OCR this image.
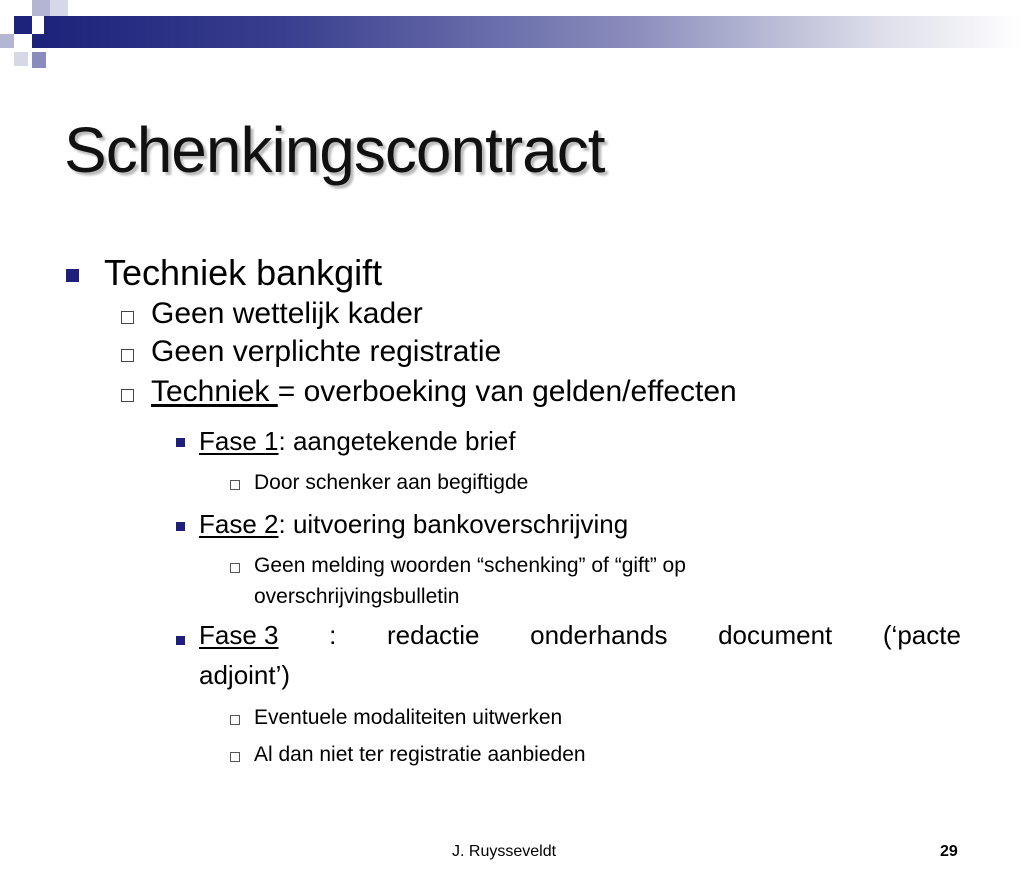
Schenkingscontract
Techniek bankgift
Geen wettelijk kader
Geen verplichte registratie
Techniek = overboeking van gelden/effecten
Fase 1: aangetekende brief
Door schenker aan begiftigde
Fase 2: uitvoering bankoverschrijving
Geen melding woorden “schenking” of “gift” op
overschrijvingsbulletin
Fase 3 : redactie onderhands document (‘pacte
adjoint’)
Eventuele modaliteiten uitwerken
Al dan niet ter registratie aanbieden
J. Ruysseveldt	29
